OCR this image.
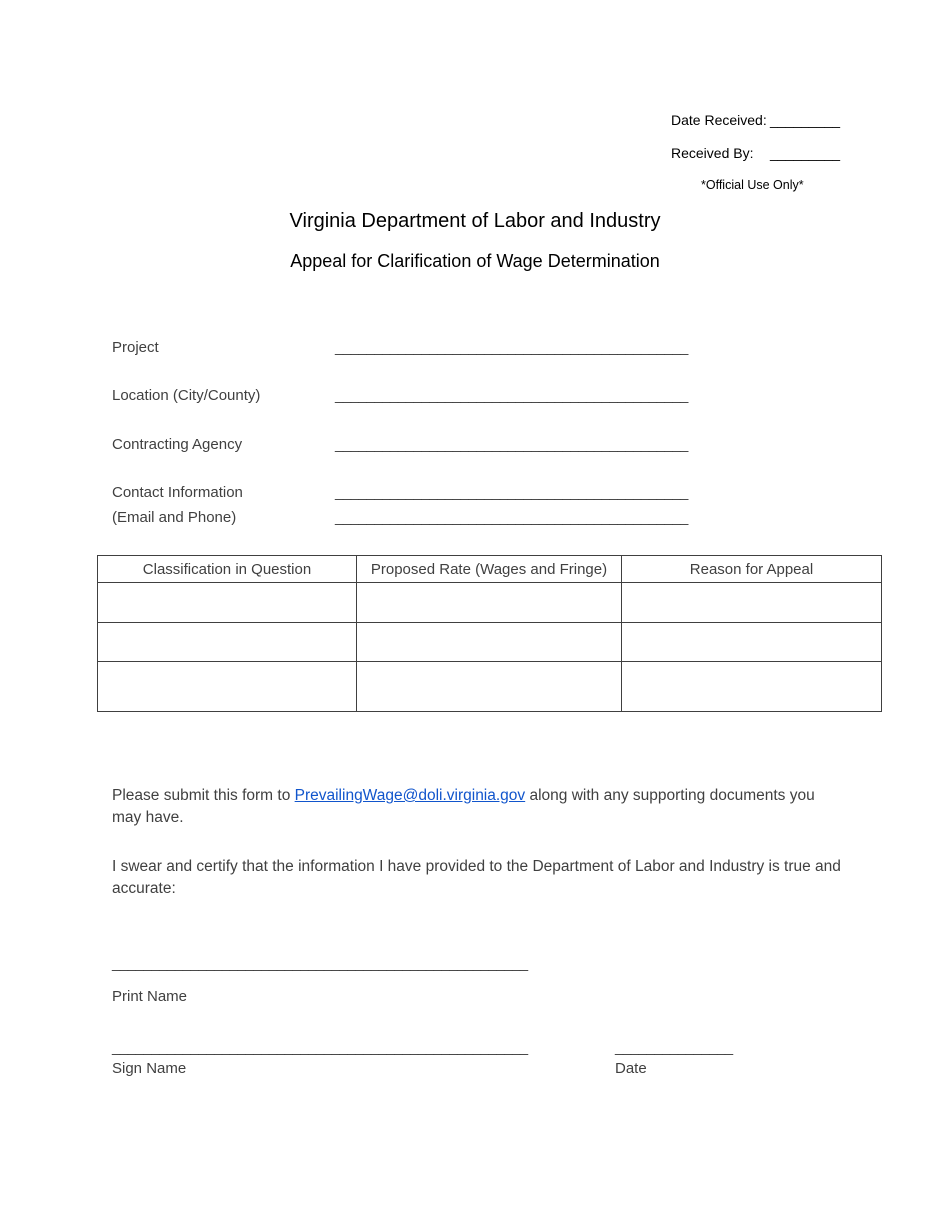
Date Received: _________
Received By: _________
*Official Use Only*
Virginia Department of Labor and Industry
Appeal for Clarification of Wage Determination
Project	_____________________________________________
Location (City/County)	_____________________________________________
Contracting Agency	_____________________________________________
Contact Information	_____________________________________________
(Email and Phone)	_____________________________________________
Classification in Question	Proposed Rate (Wages and Fringe)	Reason for Appeal

Please submit this form to PrevailingWage@doli.virginia.gov along with any supporting documents you may have.
I swear and certify that the information I have provided to the Department of Labor and Industry is true and accurate:
_____________________________________________________
Print Name
_____________________________________________________	_______________
Sign Name	Date
